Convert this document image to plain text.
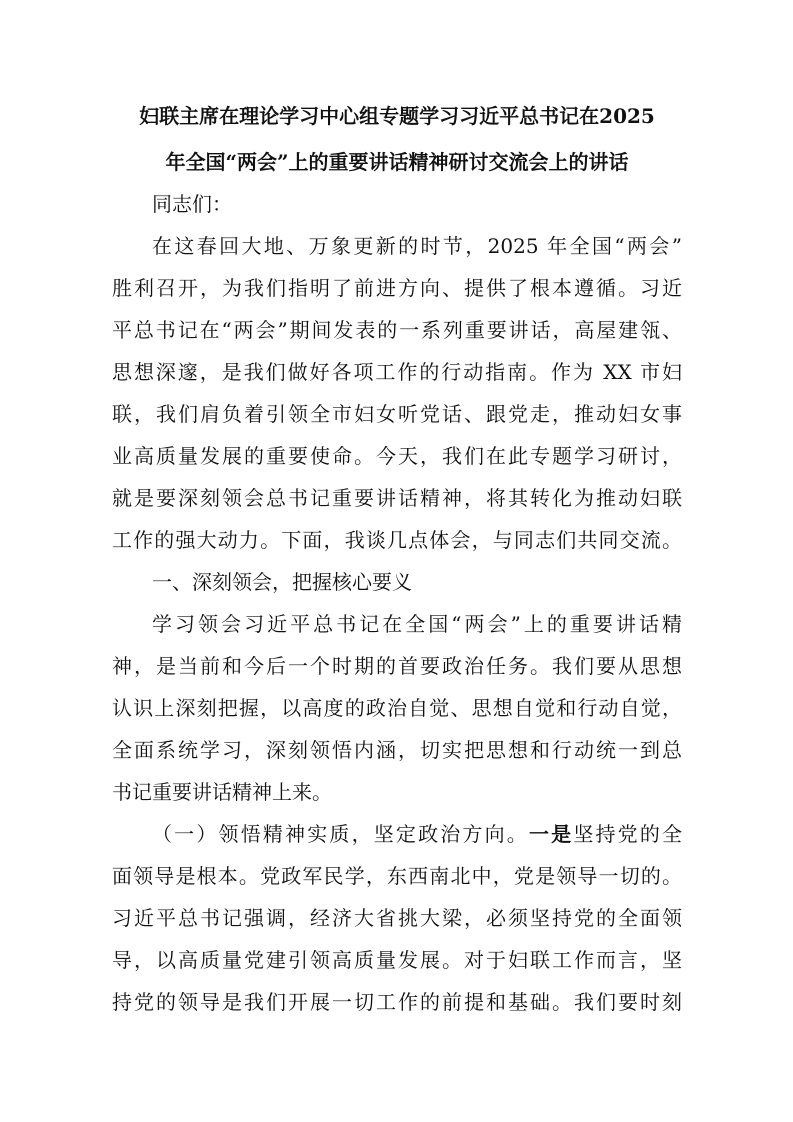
妇联主席在理论学习中心组专题学习习近平总书记在2025
年全国“两会”上的重要讲话精神研讨交流会上的讲话
同志们：
在这春回大地、万象更新的时节，2025 年全国“两会”
胜利召开，为我们指明了前进方向、提供了根本遵循。习近
平总书记在“两会”期间发表的一系列重要讲话，高屋建瓴、
思想深邃，是我们做好各项工作的行动指南。作为 XX 市妇
联，我们肩负着引领全市妇女听党话、跟党走，推动妇女事
业高质量发展的重要使命。今天，我们在此专题学习研讨，
就是要深刻领会总书记重要讲话精神，将其转化为推动妇联
工作的强大动力。下面，我谈几点体会，与同志们共同交流。
一、深刻领会，把握核心要义
学习领会习近平总书记在全国“两会”上的重要讲话精
神，是当前和今后一个时期的首要政治任务。我们要从思想
认识上深刻把握，以高度的政治自觉、思想自觉和行动自觉，
全面系统学习，深刻领悟内涵，切实把思想和行动统一到总
书记重要讲话精神上来。
（一）领悟精神实质，坚定政治方向。一是坚持党的全
面领导是根本。党政军民学，东西南北中，党是领导一切的。
习近平总书记强调，经济大省挑大梁，必须坚持党的全面领
导，以高质量党建引领高质量发展。对于妇联工作而言，坚
持党的领导是我们开展一切工作的前提和基础。我们要时刻
